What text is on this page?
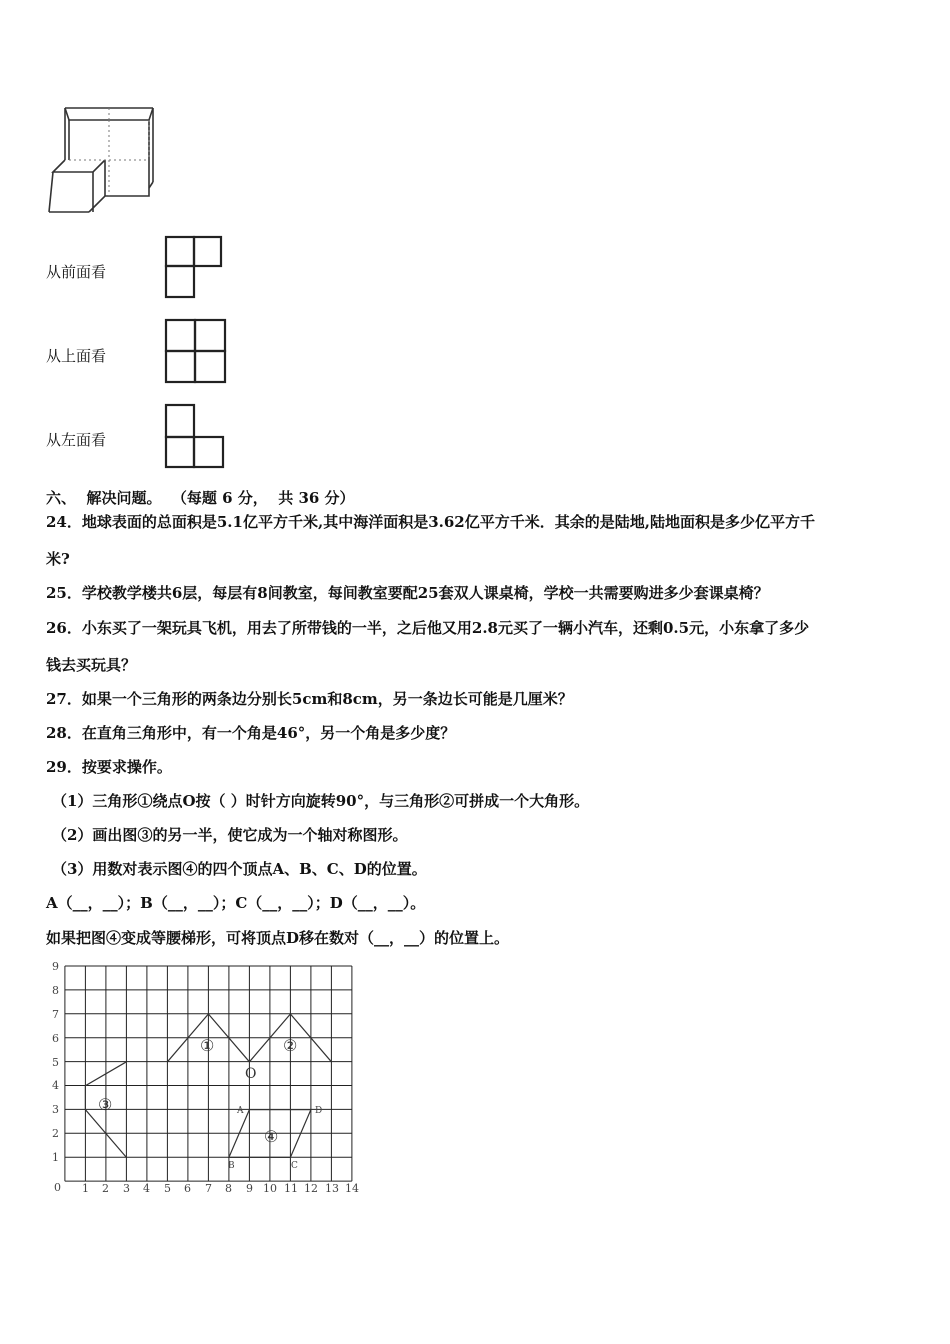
从前面看
从上面看
从左面看
六、  解决问题。  （每题 6 分，  共 36 分）
24．地球表面的总面积是5.1亿平方千米,其中海洋面积是3.62亿平方千米．其余的是陆地,陆地面积是多少亿平方千
米?
25．学校教学楼共6层，每层有8间教室，每间教室要配25套双人课桌椅，学校一共需要购进多少套课桌椅？
26．小东买了一架玩具飞机，用去了所带钱的一半，之后他又用2.8元买了一辆小汽车，还剩0.5元，小东拿了多少
钱去买玩具？
27．如果一个三角形的两条边分别长5cm和8cm，另一条边长可能是几厘米？
28．在直角三角形中，有一个角是46°，另一个角是多少度？
29．按要求操作。
（1）三角形①绕点O按（ ）时针方向旋转90°，与三角形②可拼成一个大角形。
（2）画出图③的另一半，使它成为一个轴对称图形。
（3）用数对表示图④的四个顶点A、B、C、D的位置。
A（__，__）；B（__，__）；C（__，__）；D（__，__）。
如果把图④变成等腰梯形，可将顶点D移在数对（__，__）的位置上。
1
2
3
4
5
6
7
8
9
0 1 2 3 4 5 6 7 8 9 10 11 12 13 14
①	②
③
④
O
A	D
B	C
